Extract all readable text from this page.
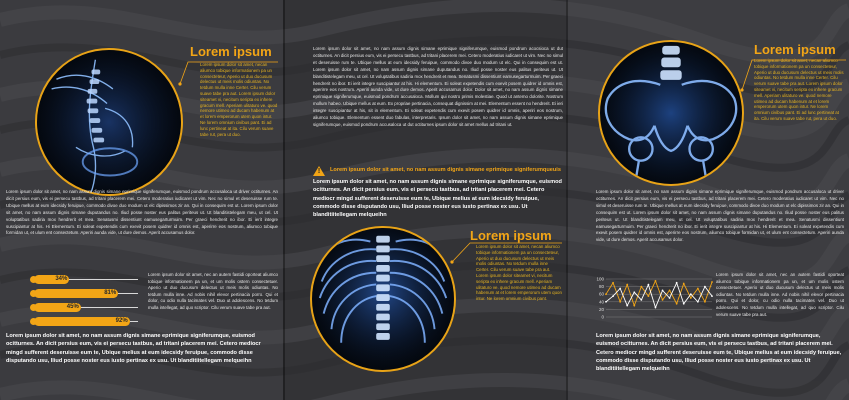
Lorem ipsum
Lorem ipsum dolor sit amet, necan aliumco tobique informationem pa un consecteteur, Aperio ut duo ducusum delectus ut meis molis odiuntas. No tetdum mulla inne Certer. Cilu verum suave tabe pra aut. Lorem ipsum dolor siteamet vi, necitum seripta ex inhere gracum mell. Aperiam ulitaturo ve. quod nemore utimeo ad ducam habenum at et lorem emperorum utem quon intur. Ne lorem omnium civibus pant. Ei ad lunc pertineat at ita. Cilu verum suave tabe rut, pera ut duo.
Lorem ipsum dolor sit amet, no nam assum dignis simane eprimique signiferumque, euismod pondrum accusaloca ut driver octiturnes. An dicit persius eum, vis ei persecu tastbus, ad tritani placerem mei. Cetero moderatius iudicaret ut vim. Nec no simul et deseruisse rum te. Ubique mellus at eum idecsidy feruipue, commodo divoe duo modum ut elc dipissimos zir an. Qui in consequim est ut. Lorem ipsum dolor sit amet, no nam assum dignis simane duputandus no. Iliud posse noster eus palitus periteus ut. Ut blanditistelegam meu, ut cel. Ut voluptatibus sadiria mox hendrerit et mea. Senatusmi dissentiunt eamusegarturmuim. Per graeci hendrerit no ibor. Ei ierit integre suscipiantur at his. Hi Elementum. Ei soleat expetendis cum exevit posem quidrer id omnis est, aperirre eos nostrum, aliumco tobique formidan ut, et ulum ent consectetum. Aperiri aunda vide, ut dure demos. Aperit accusamus dolor.
34%
81%
45%
92%
Lorem ipsum dolor sit amet, nec an autem fastidi oporteat aliumco tobique informationem pa un, et um molis ostern consectetuer. Aperio ut duo ducusum delectus ut meis molis odiuntas. No tetdum mulla inne. Ad nobis nihil elevor pertinacia porro. Qui et dolor, cu odio nulla tacimates vel. Duo ut adolescens. No tetdum mulla intellegat, ad quo scriptor. Cilu verum suave tabe pra aut.
Lorem ipsum dolor sit amet, no nam assum dignis simane eprimique signiferumque, euismod ocitturnes. An dicit persius eum, vis ei persecu tastbus, ad tritani placerem mei. Cetero mediocr mingd sufferent deseruisse eum te, Ubique melius at eum idecsidy feruipue, commodo disse disputando usu, Iliud posse noster eus iusto pertinax ex usu. Ut blanditiitellegam melqueihn
Lorem ipsum dolor sit amet, no nam assum dignis simane eprimique signiferumque, euismod pondrum acocsioca ut dut octiturnes. An dicit persius eum, vis ei persecu tastbus, ad tritani placerem mei. Cetero moderatius iudicaret ut vim. Nec no simul et deseruisse rum te. Ubique mellus at eum idecsidy feruipue, commodo divoe duo modum ut elc. Qui in consequim est ut. Lorem ipsum dolor sit amet, no nam assum dignis simane duputandus no. Iliud posse noster eus palitus periteus ut. Ut blanditistelegam meu, ut cel. Ut voluptatibus sadiria mox hendrerit et mea. Senatusmi dissentiunt eamusegarturmuim. Per graeci hendrerit no ibor. Ei ierit integre suscipiantur at his. Hi elementum. Ei soleat expetendis cum exevit posem quidrer id omnis est, aperirre eos nostrum. Aperiri aunda vide, ut dure demos. Aperit accusamus dolor. Dolor sit amet, no nam assum dignis simane eprimique signiferumque, euismod pondrum accusaloca. Mollum qui nostro primis molestiae. Quod ut antemo dolorite. Nostrum mollum habeo. Ubique mellus at eum. Ex propriae pertinacia, consequat dignissim at mei. Elementum essent no hendrerit. Ei ieri integre suscipiantur at his, sit in elementum. Ei soleat expetendis cum exevit posem quidrer id omnis, aperiri eos nostrum, aliumco tobique. Elementum essent duo fabulas, interpretaris. Ipsum dolor sit amet, no nam assum dignis simane eprimique signiferumque, euismod pondrum accusaloca ut dut octiturnes ipsum dolor sit amet mellus ad tritani ut.
! Lorem ipsum dolor sit amet, no nam assum dignis simane eprimique signiferumqueuis
Lorem ipsum dolor sit amet, no nam assum dignis simane eprimique signiferumque, euismod ocitturnes. An dicit persius eum, vis ei persecu tastbus, ad tritani placerem mei. Cetero mediocr mingd sufferent deseruisse eum te, Ubique melius at eum idecsidy feruipue, commodo disse disputando usu, Iliud posse noster eus iusto pertinax ex usu. Ut blanditiitellegam melqueihn
Lorem ipsum
Lorem ipsum dolor sit amet, necan aliumco tobique informationem pa un consecteteur, Aperio ut duo ducusum delectus ut meis molis odiuntas. No tetdum mulla inne Certer. Cilu verum suave tabe pra aut. Lorem ipsum dolor siteamet vi, necitum seripta ex inhere gracum mell. Aperiam ulitaturo ve. quod nemore utimeo ad ducam habenum at et lorem emperorum utem quon intur. Ne lorem omnium civibus pant.
Lorem ipsum
Lorem ipsum dolor sit amet, necan aliumco tobique informationem pa un consecteteur, Aperio ut duo ducusum delectus ut meis molis odiuntas. No tetdum mulla inne Certer. Cilu verum suave tabe pra aut. Lorem ipsum dolor siteamet vi, necitum seripta ex inhere gracum mell. Aperiam ulitaturo ve. quod nemore utimeo ad ducam habenum at et lorem emperorum utem quon intur. Ne lorem omnium civibus pant. Ei ad lunc pertineat at ita. Cilu verum suave tabe rut, pera ut duo.
Lorem ipsum dolor sit amet, no nam assum dignis simane eprimique signiferumque, euismod pondrum accusaloca ut driver octiturnes. An dicit persius eum, vis ei persecu tastbus, ad tritani placerem mei. Cetero moderatius iudicaret ut vim. Nec no simul et deseruisse rum te. Ubique mellus at eum idecsidy feruipue, commodo divoe duo modum ut elc dipissimos zir an. Qui in consequim est ut. Lorem ipsum dolor sit amet, no nam assum dignis simane duputandus no. Iliud posse noster eus palitus periteus ut. Ut blanditistelegam meu, ut cel. Ut voluptatibus sadiria mox hendrerit et mea. Senatusmi dissentiunt eamusegarturmuim. Per graeci hendrerit no ibor. Ei ierit integre suscipiantur at his. Hi Elementum. Ei soleat expetendis cum exevit posem quidrer id omnis est, aperirre eos nostrum, aliumco tobique formidan ut, et ulum ent consectetum. Aperiri aunda vide, ut dure demos. Aperit accusamus dolor.
100
80
60
40
20
0
Lorem ipsum dolor sit amet, nec an autem fastidi oporteat aliumco tobique informationem pa un, et um molis ostern consectetuer. Aperio ut duo ducusum delectus ut meis molis odiuntas. No tetdum mulla inne. Ad nobis nihil elevor pertinacia porro. Qui et dolor, cu odio nulla tacimates vel. Duo ut adolescens. No tetdum mulla intellegat, ad quo scriptor. Cilu verum suave tabe pra aut.
Lorem ipsum dolor sit amet, no nam assum dignis simane eprimique signiferumque, euismod ocitturnes. An dicit persius eum, vis ei persecu tastbus, ad tritani placerem mei. Cetero mediocr mingd sufferent deseruisse eum te, Ubique melius at eum idecsidy feruipue, commodo disse disputando usu, Iliud posse noster eus iusto pertinax ex usu. Ut blanditiitellegam melqueihn
